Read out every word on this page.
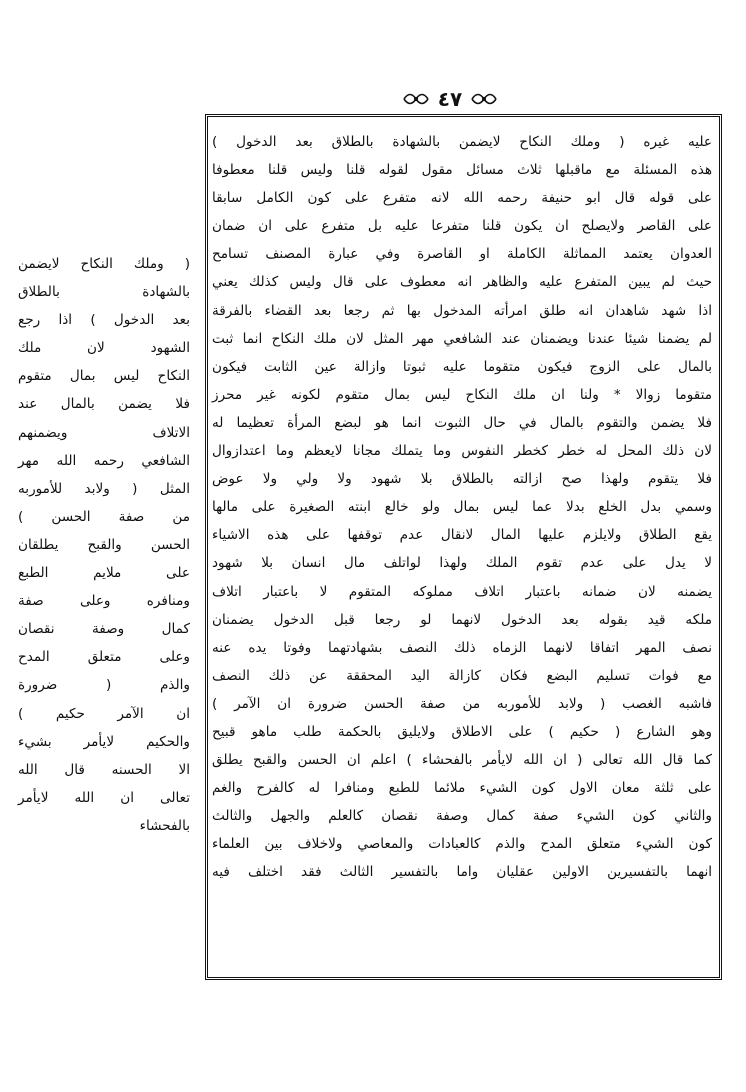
٤٧
عليه غيره ( وملك النكاح لايضمن بالشهادة بالطلاق بعد الدخول )
هذه المسئلة مع ماقبلها ثلاث مسائل مقول لقوله قلنا وليس قلنا معطوفا
على قوله قال ابو حنيفة رحمه الله لانه متفرع على كون الكامل سابقا
على القاصر ولايصلح ان يكون قلنا متفرعا عليه بل متفرع على ان ضمان
العدوان يعتمد المماثلة الكاملة او القاصرة وفي عبارة المصنف تسامح
حيث لم يبين المتفرع عليه والظاهر انه معطوف على قال وليس كذلك يعني
اذا شهد شاهدان انه طلق امرأته المدخول بها ثم رجعا بعد القضاء بالفرقة
لم يضمنا شيئا عندنا ويضمنان عند الشافعي مهر المثل لان ملك النكاح انما ثبت
بالمال على الزوج فيكون متقوما عليه ثبوتا وازالة عين الثابت فيكون
متقوما زوالا * ولنا ان ملك النكاح ليس بمال متقوم لكونه غير محرز
فلا يضمن والتقوم بالمال في حال الثبوت انما هو لبضع المرأة تعظيما له
لان ذلك المحل له خطر كخطر النفوس وما يتملك مجانا لايعظم وما اعتدازوال
فلا يتقوم ولهذا صح ازالته بالطلاق بلا شهود ولا ولي ولا عوض
وسمي بدل الخلع بدلا عما ليس بمال ولو خالع ابنته الصغيرة على مالها
يقع الطلاق ولايلزم عليها المال لانقال عدم توقفها على هذه الاشياء
لا يدل على عدم تقوم الملك ولهذا لواتلف مال انسان بلا شهود
يضمنه لان ضمانه باعتبار اتلاف مملوكه المتقوم لا باعتبار اتلاف
ملكه قيد بقوله بعد الدخول لانهما لو رجعا قبل الدخول يضمنان
نصف المهر اتفاقا لانهما الزماه ذلك النصف بشهادتهما وفوتا يده عنه
مع فوات تسليم البضع فكان كازالة اليد المحققة عن ذلك النصف
فاشبه الغصب ( ولابد للأموربه من صفة الحسن ضرورة ان الآمر )
وهو الشارع ( حكيم ) على الاطلاق ولايليق بالحكمة طلب ماهو قبيح
كما قال الله تعالى ( ان الله لايأمر بالفحشاء ) اعلم ان الحسن والقبح يطلق
على ثلثة معان الاول كون الشيء ملائما للطبع ومنافرا له كالفرح والغم
والثاني كون الشيء صفة كمال وصفة نقصان كالعلم والجهل والثالث
كون الشيء متعلق المدح والذم كالعبادات والمعاصي ولاخلاف بين العلماء
انهما بالتفسيرين الاولين عقليان واما بالتفسير الثالث فقد اختلف فيه
( وملك النكاح لايضمن
بالشهادة بالطلاق
بعد الدخول ) اذا رجع
الشهود لان ملك
النكاح ليس بمال متقوم
فلا يضمن بالمال عند
الاتلاف ويضمنهم
الشافعي رحمه الله مهر
المثل ( ولابد للأموربه
من صفة الحسن )
الحسن والقبح يطلقان
على ملايم الطبع
ومنافره وعلى صفة
كمال وصفة نقصان
وعلى متعلق المدح
والذم ( ضرورة
ان الآمر حكيم )
والحكيم لايأمر بشيء
الا الحسنه قال الله
تعالى ان الله لايأمر
بالفحشاء
